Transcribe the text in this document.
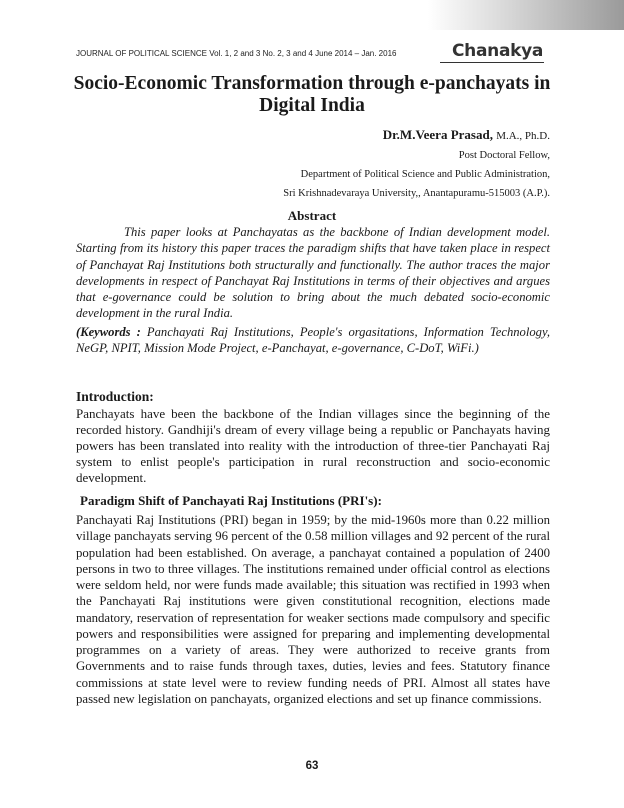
JOURNAL OF POLITICAL SCIENCE Vol. 1, 2 and 3 No. 2, 3 and 4 June 2014 – Jan. 2016	Chanakya
Socio-Economic Transformation through e-panchayats in Digital India
Dr.M.Veera Prasad, M.A., Ph.D.
Post Doctoral Fellow,
Department of Political Science and Public Administration,
Sri Krishnadevaraya University,, Anantapuramu-515003 (A.P.).
Abstract

This paper looks at Panchayatas as the backbone of Indian development model. Starting from its history this paper traces the paradigm shifts that have taken place in respect of Panchayat Raj Institutions both structurally and functionally. The author traces the major developments in respect of Panchayat Raj Institutions in terms of their objectives and argues that e-governance could be solution to bring about the much debated socio-economic development in the rural India.

(Keywords : Panchayati Raj Institutions, People's orgasitations, Information Technology, NeGP, NPIT, Mission Mode Project, e-Panchayat, e-governance, C-DoT, WiFi.)
Introduction:

Panchayats have been the backbone of the Indian villages since the beginning of the recorded history. Gandhiji's dream of every village being a republic or Panchayats having powers has been translated into reality with the introduction of three-tier Panchayati Raj system to enlist people's participation in rural reconstruction and socio-economic development.

Paradigm Shift of Panchayati Raj Institutions (PRI's):

Panchayati Raj Institutions (PRI) began in 1959; by the mid-1960s more than 0.22 million village panchayats serving 96 percent of the 0.58 million villages and 92 percent of the rural population had been established. On average, a panchayat contained a population of 2400 persons in two to three villages. The institutions remained under official control as elections were seldom held, nor were funds made available; this situation was rectified in 1993 when the Panchayati Raj institutions were given constitutional recognition, elections made mandatory, reservation of representation for weaker sections made compulsory and specific powers and responsibilities were assigned for preparing and implementing developmental programmes on a variety of areas. They were authorized to receive grants from Governments and to raise funds through taxes, duties, levies and fees. Statutory finance commissions at state level were to review funding needs of PRI. Almost all states have passed new legislation on panchayats, organized elections and set up finance commissions.

63
